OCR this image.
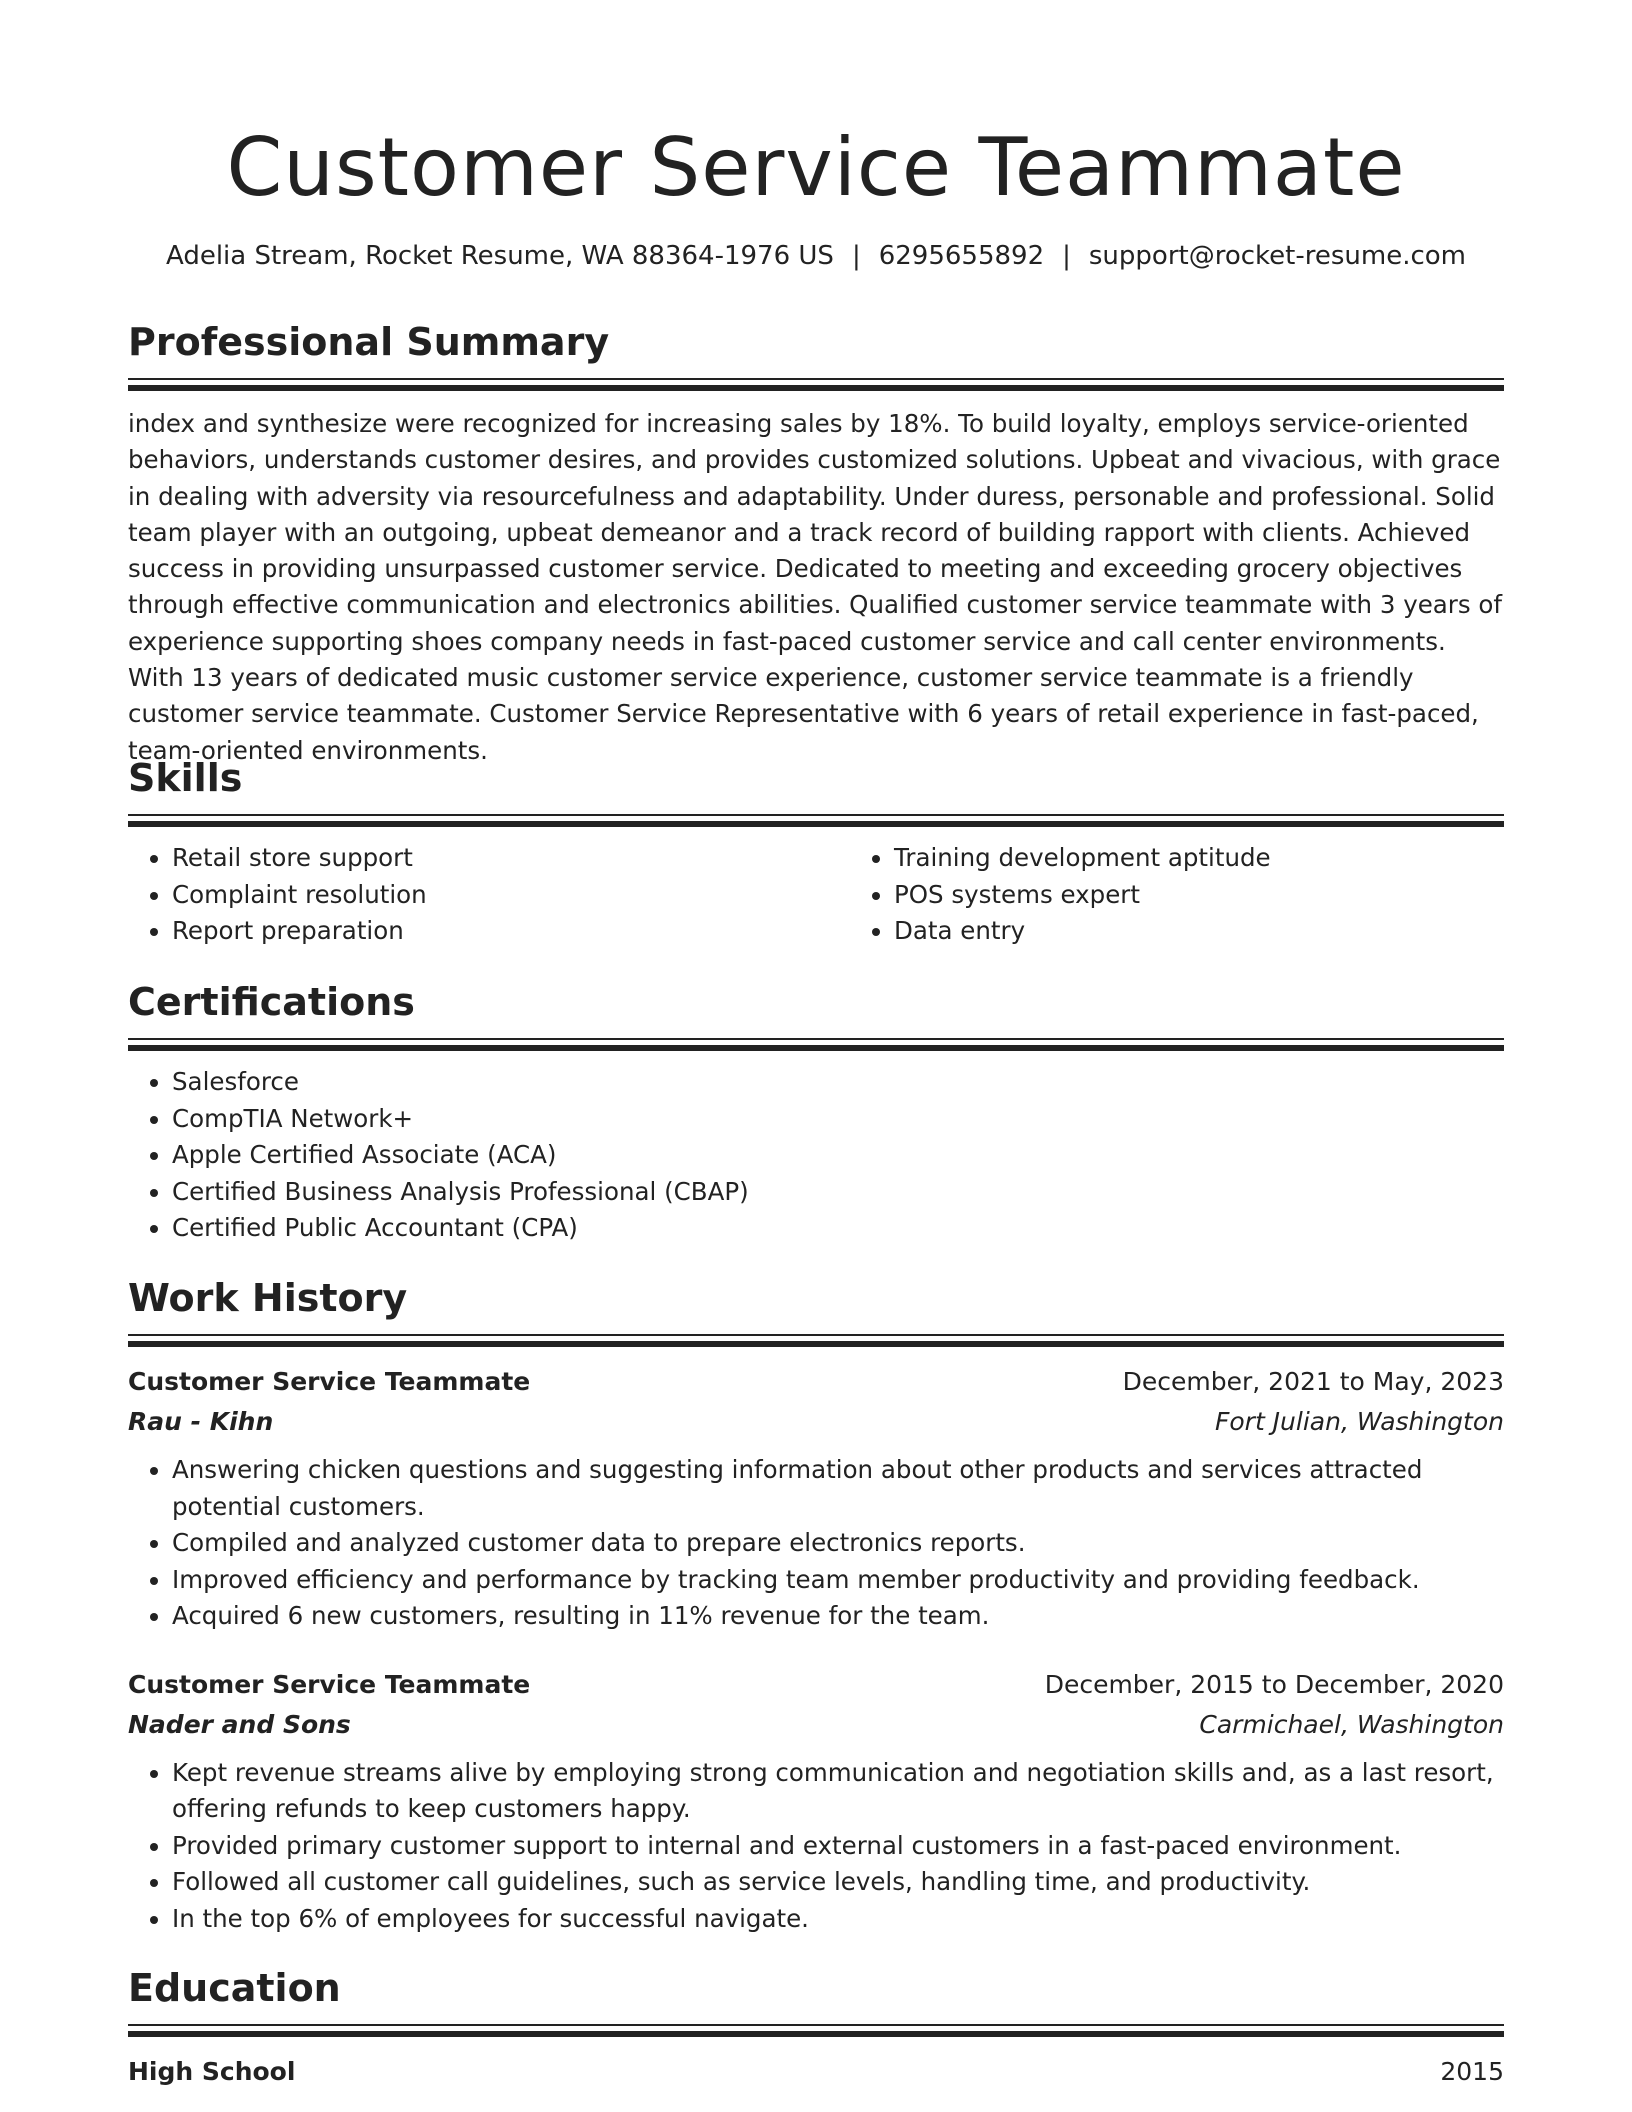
Customer Service Teammate
Adelia Stream, Rocket Resume, WA 88364-1976 US | 6295655892 | support@rocket-resume.com
Professional Summary

index and synthesize were recognized for increasing sales by 18%. To build loyalty, employs service-oriented behaviors, understands customer desires, and provides customized solutions. Upbeat and vivacious, with grace in dealing with adversity via resourcefulness and adaptability. Under duress, personable and professional. Solid team player with an outgoing, upbeat demeanor and a track record of building rapport with clients. Achieved success in providing unsurpassed customer service. Dedicated to meeting and exceeding grocery objectives through effective communication and electronics abilities. Qualified customer service teammate with 3 years of experience supporting shoes company needs in fast-paced customer service and call center environments. With 13 years of dedicated music customer service experience, customer service teammate is a friendly customer service teammate. Customer Service Representative with 6 years of retail experience in fast-paced, team-oriented environments.

Skills
• Retail store support
• Complaint resolution
• Report preparation
• Training development aptitude
• POS systems expert
• Data entry
Certifications
• Salesforce
• CompTIA Network+
• Apple Certified Associate (ACA)
• Certified Business Analysis Professional (CBAP)
• Certified Public Accountant (CPA)
Work History
Customer Service Teammate	December, 2021 to May, 2023
Rau - Kihn	Fort Julian, Washington
• Answering chicken questions and suggesting information about other products and services attracted potential customers.
• Compiled and analyzed customer data to prepare electronics reports.
• Improved efficiency and performance by tracking team member productivity and providing feedback.
• Acquired 6 new customers, resulting in 11% revenue for the team.
Customer Service Teammate	December, 2015 to December, 2020
Nader and Sons	Carmichael, Washington
• Kept revenue streams alive by employing strong communication and negotiation skills and, as a last resort, offering refunds to keep customers happy.
• Provided primary customer support to internal and external customers in a fast-paced environment.
• Followed all customer call guidelines, such as service levels, handling time, and productivity.
• In the top 6% of employees for successful navigate.
Education
High School	2015
